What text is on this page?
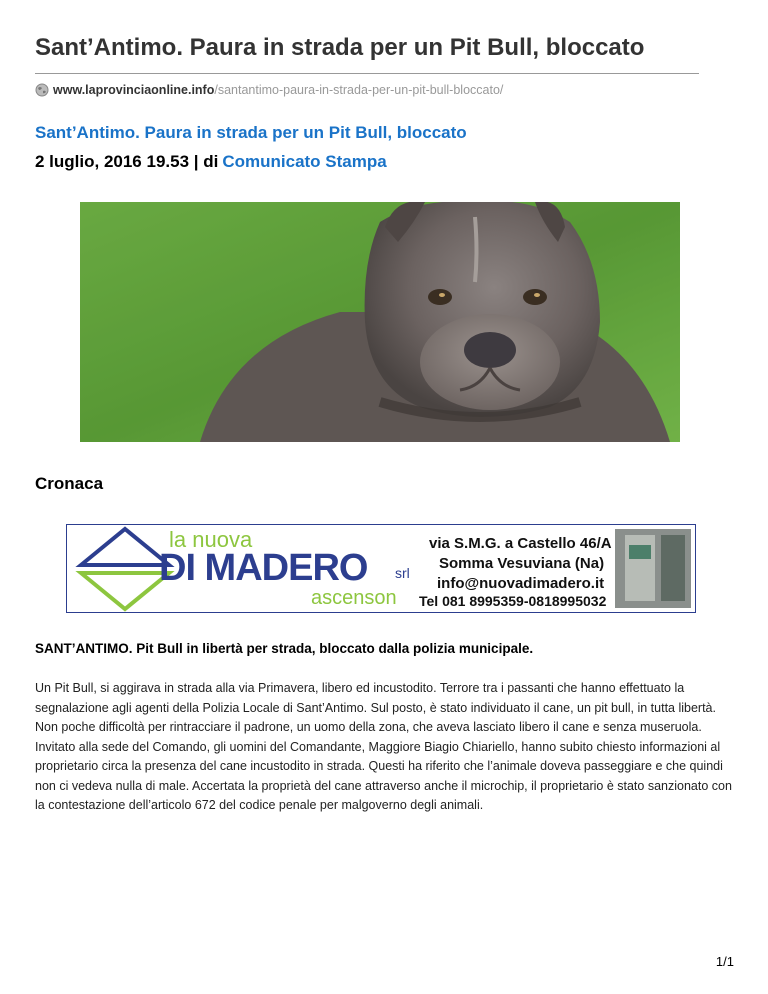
Sant’Antimo. Paura in strada per un Pit Bull, bloccato
www.laprovinciaonline.info/santantimo-paura-in-strada-per-un-pit-bull-bloccato/
Sant’Antimo. Paura in strada per un Pit Bull, bloccato
2 luglio, 2016 19.53 | di Comunicato Stampa
Cronaca
la nuova
DI MADERO srl
ascenson
via S.M.G. a Castello 46/A
Somma Vesuviana (Na)
info@nuovadimadero.it
Tel 081 8995359-0818995032

SANT’ANTIMO. Pit Bull in libertà per strada, bloccato dalla polizia municipale.

Un Pit Bull, si aggirava in strada alla via Primavera, libero ed incustodito. Terrore tra i passanti che hanno effettuato la segnalazione agli agenti della Polizia Locale di Sant’Antimo. Sul posto, è stato individuato il cane, un pit bull, in tutta libertà. Non poche difficoltà per rintracciare il padrone, un uomo della zona, che aveva lasciato libero il cane e senza museruola. Invitato alla sede del Comando, gli uomini del Comandante, Maggiore Biagio Chiariello, hanno subito chiesto informazioni al proprietario circa la presenza del cane incustodito in strada. Questi ha riferito che l’animale doveva passeggiare e che quindi non ci vedeva nulla di male. Accertata la proprietà del cane attraverso anche il microchip, il proprietario è stato sanzionato con la contestazione dell’articolo 672 del codice penale per malgoverno degli animali.

1/1
